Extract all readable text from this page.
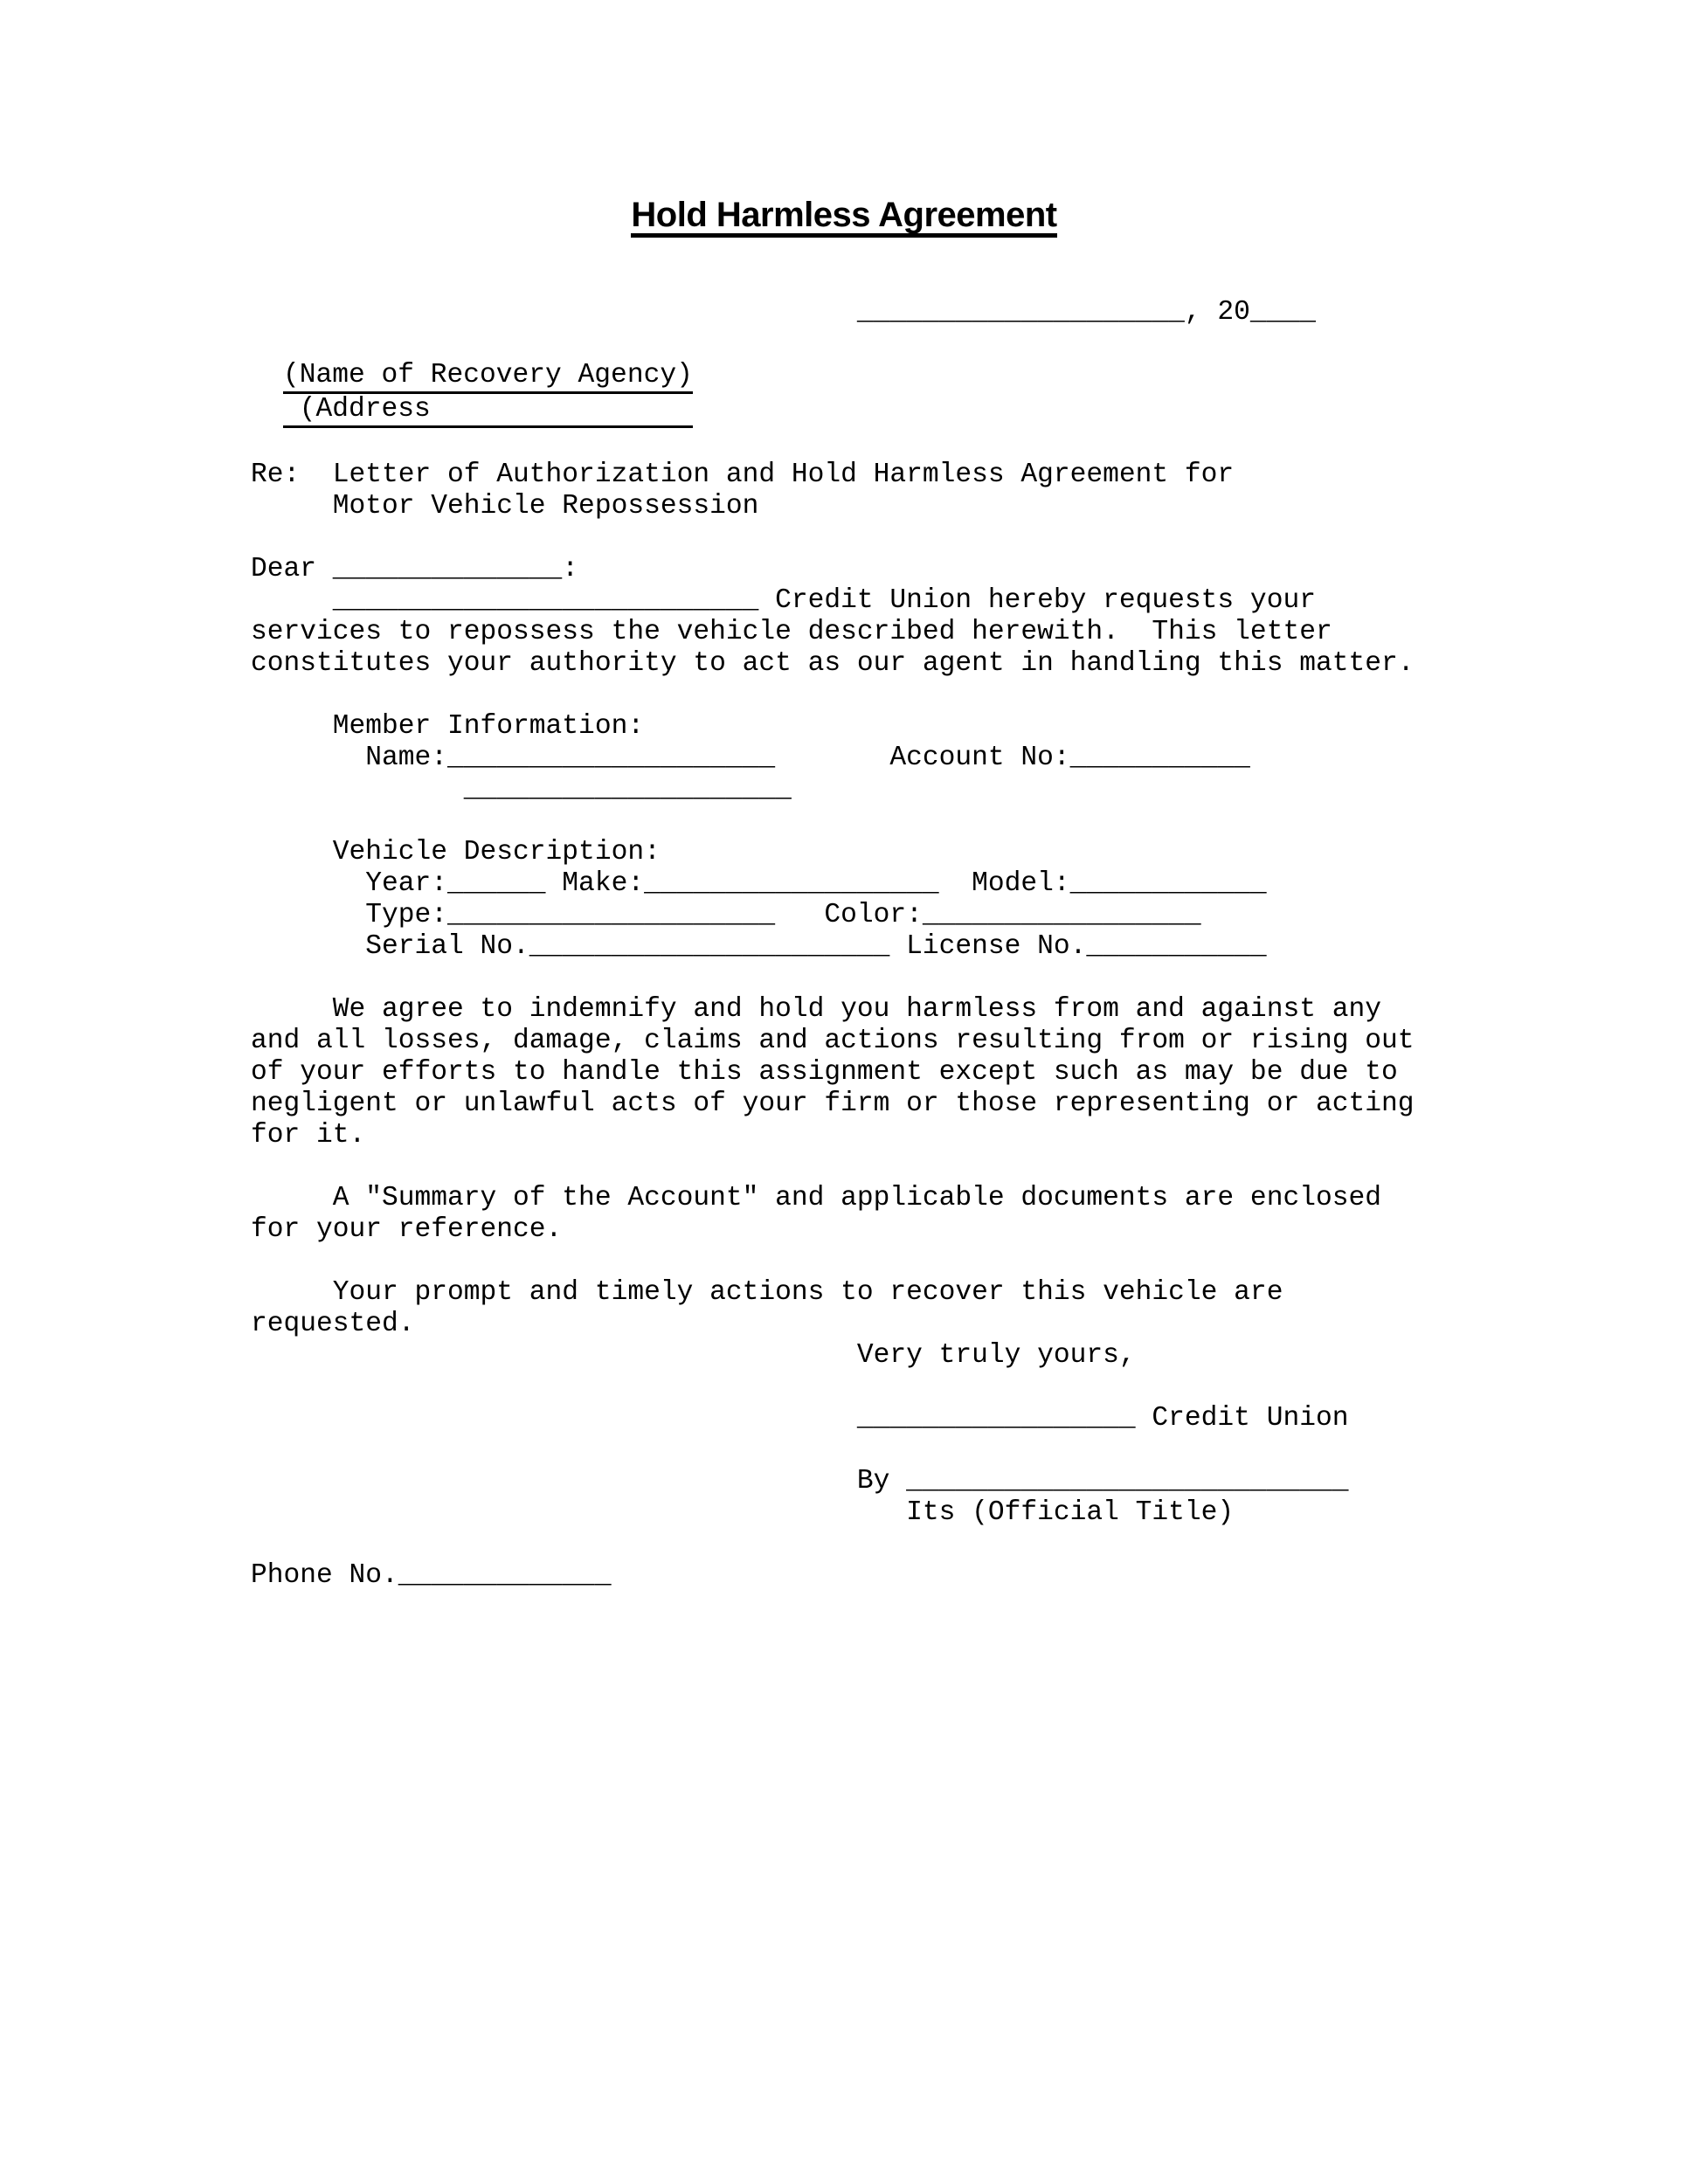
Hold Harmless Agreement
____________________, 20____
(Name of Recovery Agency)
(Address
Re:  Letter of Authorization and Hold Harmless Agreement for
Motor Vehicle Repossession
Dear ______________:
__________________________ Credit Union hereby requests your
services to repossess the vehicle described herewith.  This letter
constitutes your authority to act as our agent in handling this matter.
Member Information:
Name:____________________       Account No:___________
____________________
Vehicle Description:
Year:______ Make:__________________  Model:____________
Type:____________________   Color:_________________
Serial No.______________________ License No.___________
We agree to indemnify and hold you harmless from and against any
and all losses, damage, claims and actions resulting from or rising out
of your efforts to handle this assignment except such as may be due to
negligent or unlawful acts of your firm or those representing or acting
for it.
A "Summary of the Account" and applicable documents are enclosed
for your reference.
Your prompt and timely actions to recover this vehicle are
requested.
Very truly yours,
_________________ Credit Union
By ___________________________
Its (Official Title)
Phone No._____________
